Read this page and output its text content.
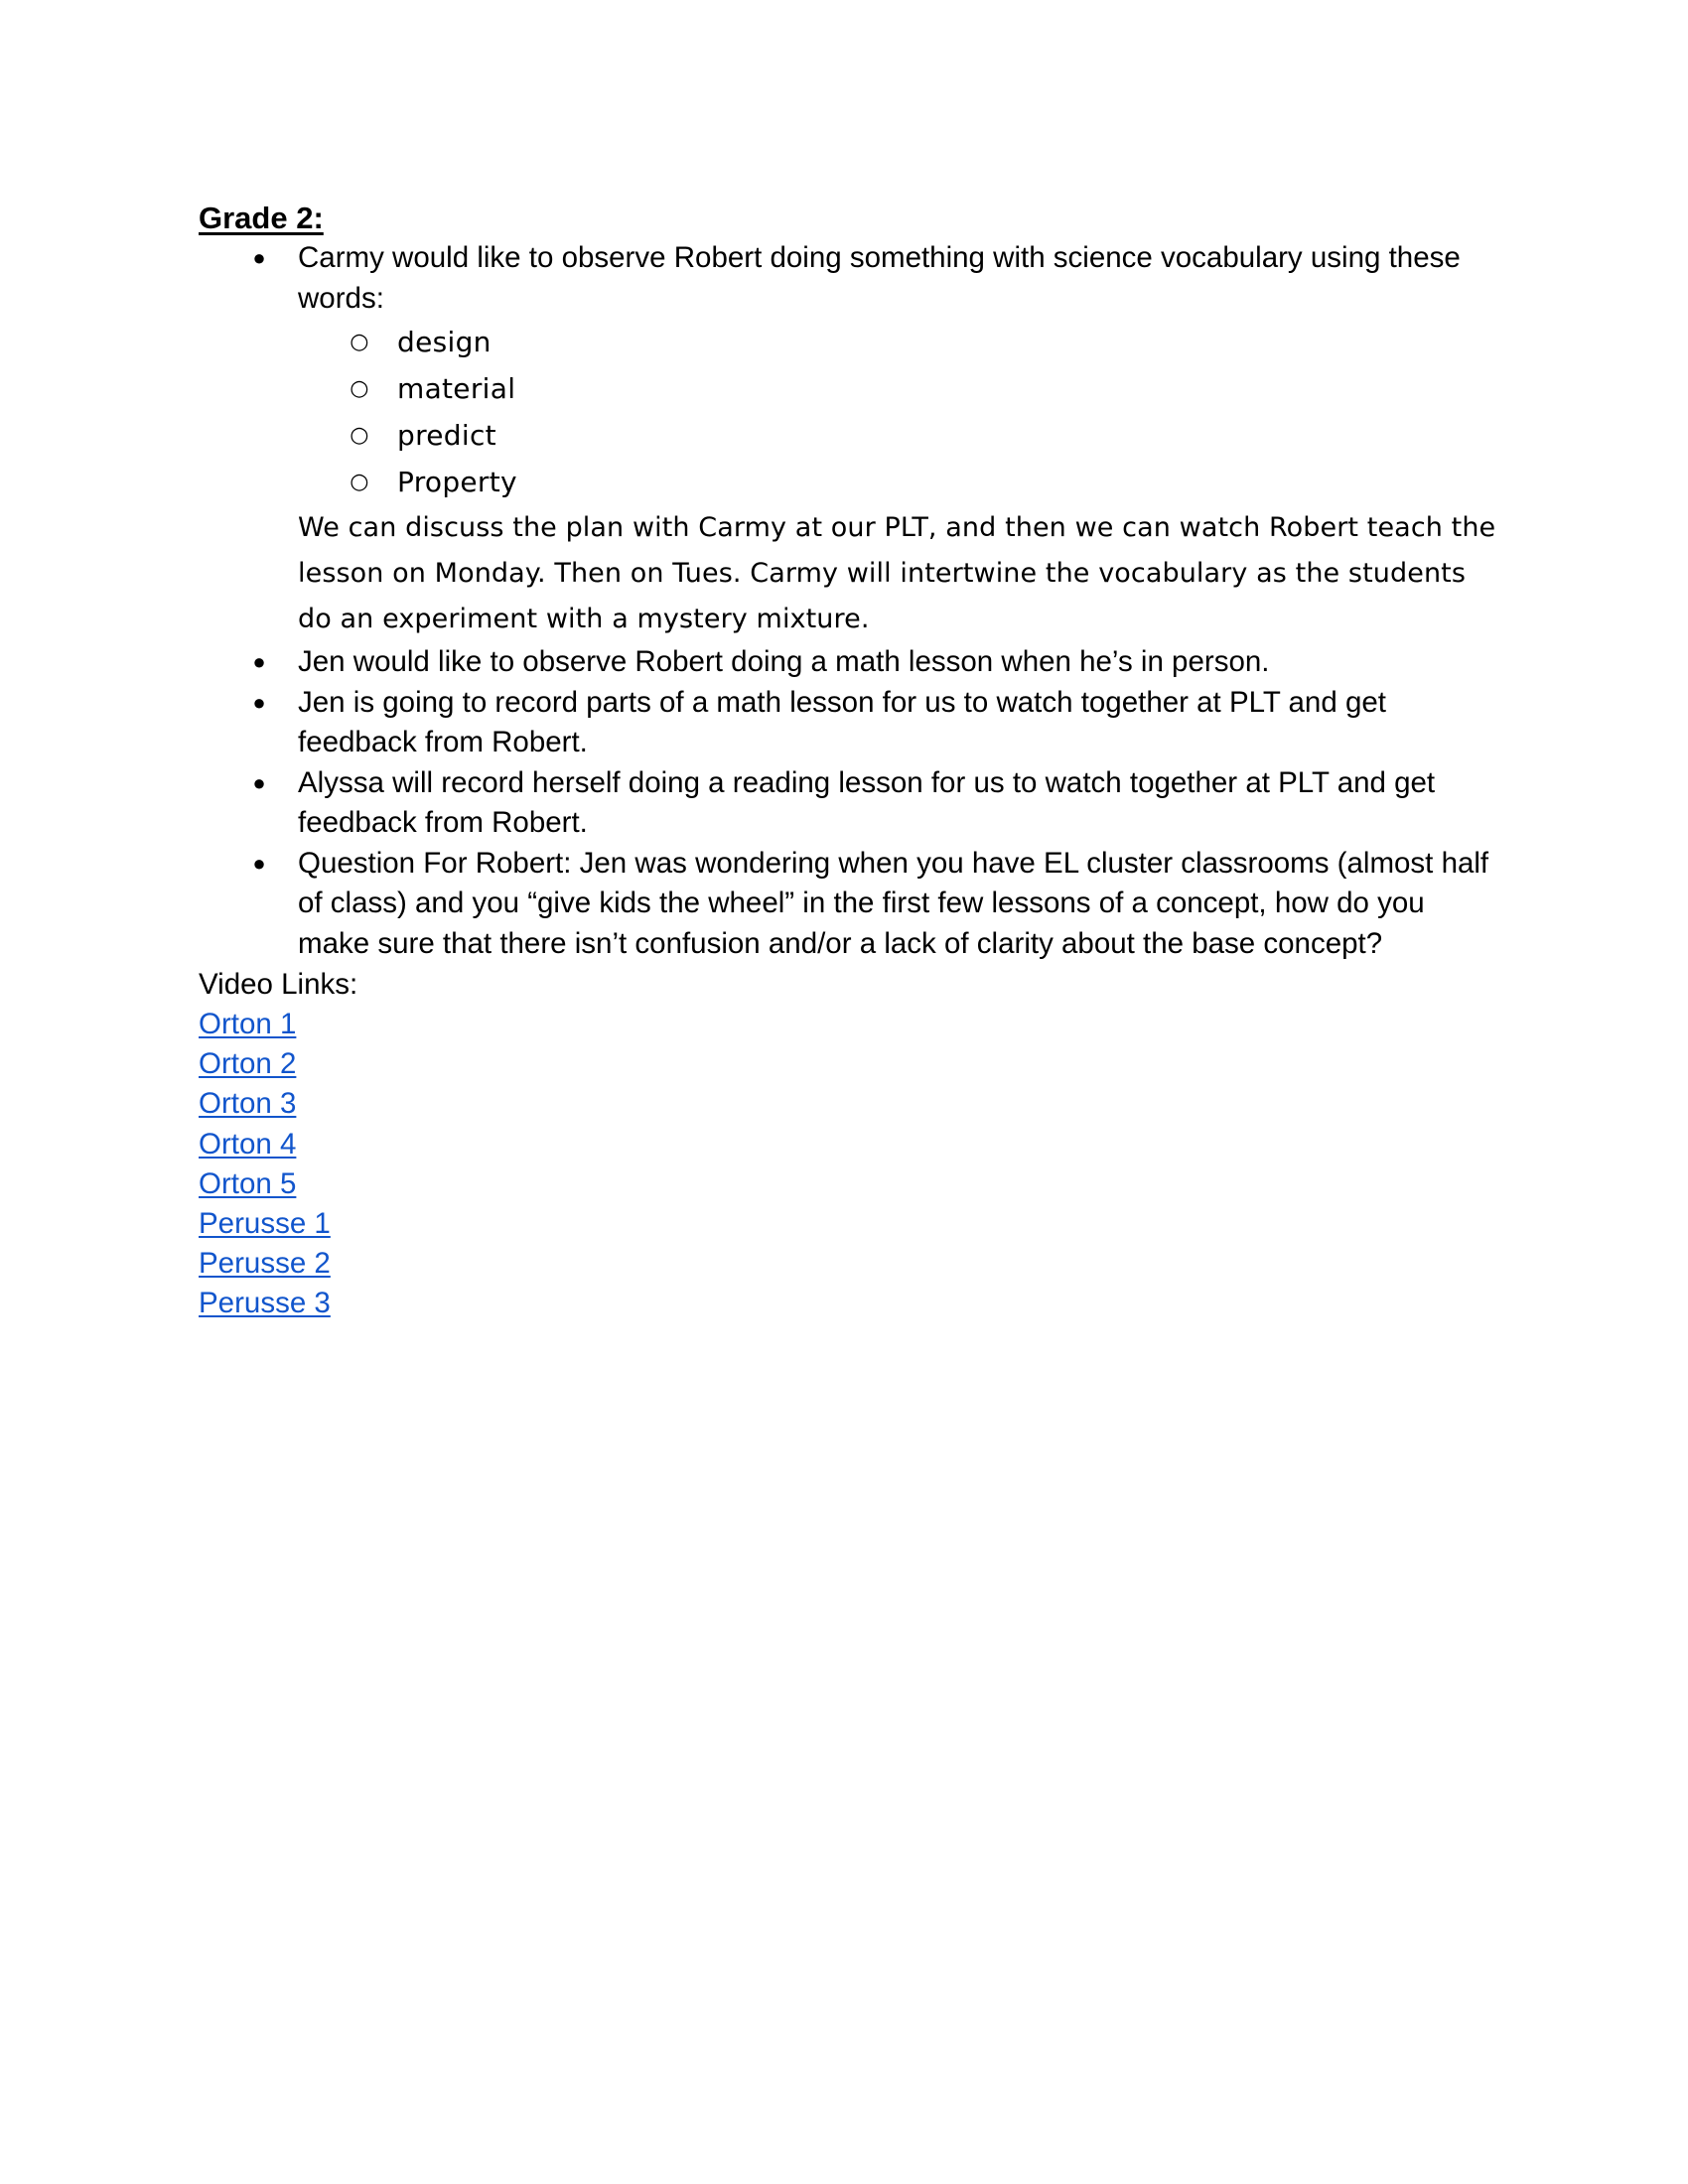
Grade 2:
● Carmy would like to observe Robert doing something with science vocabulary using these words:
○ design
○ material
○ predict
○ Property

We can discuss the plan with Carmy at our PLT, and then we can watch Robert teach the lesson on Monday. Then on Tues. Carmy will intertwine the vocabulary as the students do an experiment with a mystery mixture.

● Jen would like to observe Robert doing a math lesson when he’s in person.
● Jen is going to record parts of a math lesson for us to watch together at PLT and get feedback from Robert.
● Alyssa will record herself doing a reading lesson for us to watch together at PLT and get feedback from Robert.
● Question For Robert: Jen was wondering when you have EL cluster classrooms (almost half of class) and you “give kids the wheel” in the first few lessons of a concept, how do you make sure that there isn’t confusion and/or a lack of clarity about the base concept?

Video Links:

Orton 1
Orton 2
Orton 3
Orton 4
Orton 5
Perusse 1
Perusse 2
Perusse 3
